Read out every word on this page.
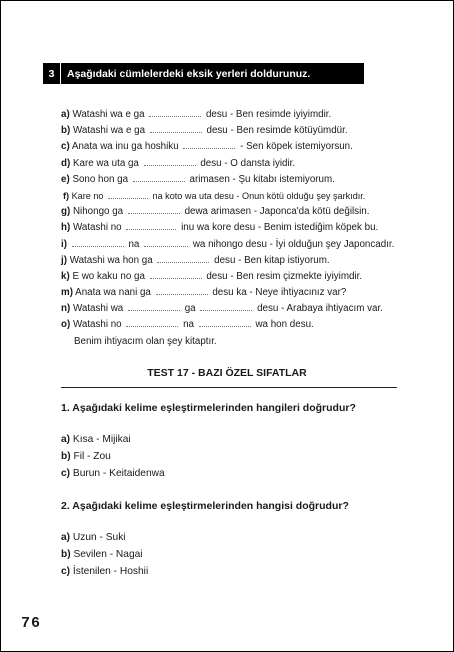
3	Aşağıdaki cümlelerdeki eksik yerleri doldurunuz.
a) Watashi wa e ga	desu - Ben resimde iyiyimdir.
b) Watashi wa e ga	desu - Ben resimde kötüyümdür.
c) Anata wa inu ga hoshiku	- Sen köpek istemiyorsun.
d) Kare wa uta ga	desu - O dansta iyidir.
e) Sono hon ga	arimasen - Şu kitabı istemiyorum.
f) Kare no	na koto wa uta desu - Onun kötü olduğu şey şarkıdır.
g) Nihongo ga	dewa arimasen - Japonca'da kötü değilsin.
h) Watashi no	inu wa kore desu - Benim istediğim köpek bu.
i)	na	wa nihongo desu - İyi olduğun şey Japoncadır.
j) Watashi wa hon ga	desu - Ben kitap istiyorum.
k) E wo kaku no ga	desu - Ben resim çizmekte iyiyimdir.
m) Anata wa nani ga	desu ka - Neye ihtiyacınız var?
n) Watashi wa	ga	desu - Arabaya ihtiyacım var.
o) Watashi no	na	wa hon desu.
Benim ihtiyacım olan şey kitaptır.
TEST 17 - BAZI ÖZEL SIFATLAR
1. Aşağıdaki kelime eşleştirmelerinden hangileri doğrudur?
a) Kısa - Mijikai
b) Fil - Zou
c) Burun - Keitaidenwa
2. Aşağıdaki kelime eşleştirmelerinden hangisi doğrudur?
a) Uzun - Suki
b) Sevilen - Nagai
c) İstenilen - Hoshii
76
